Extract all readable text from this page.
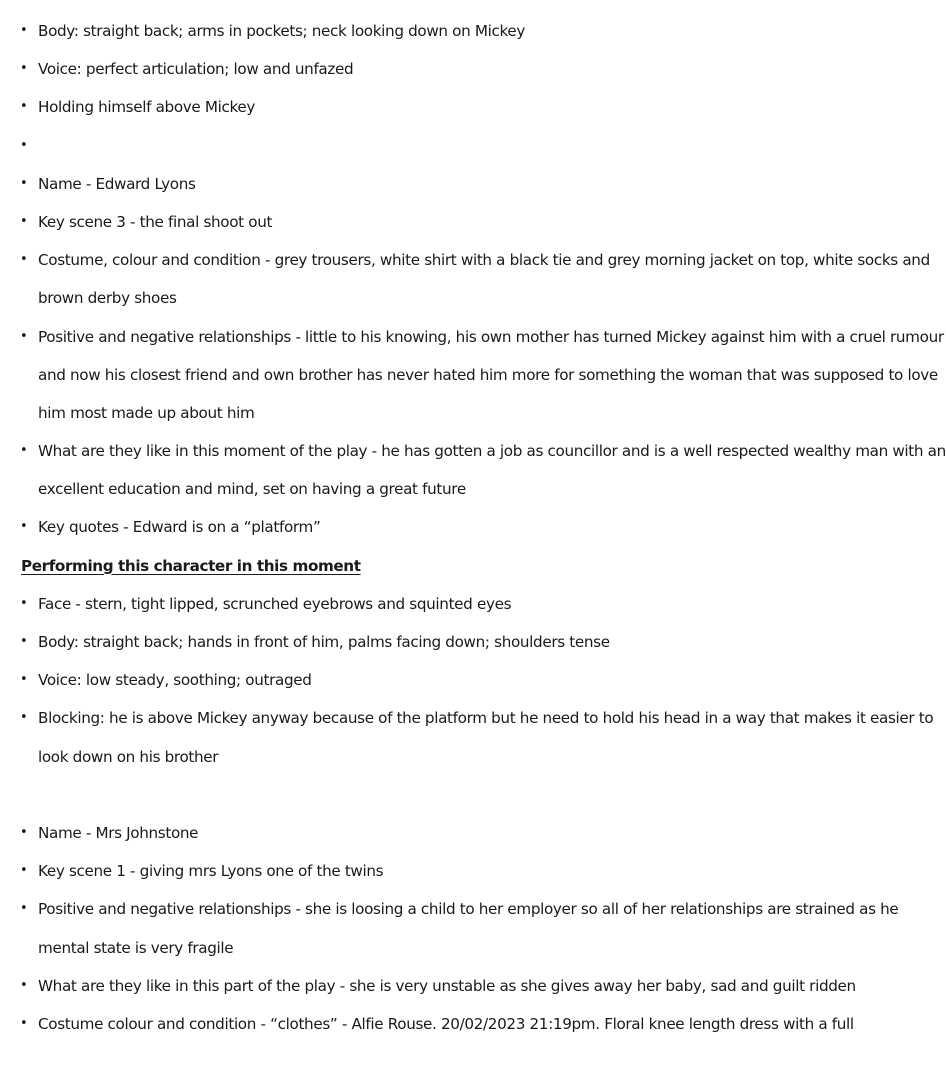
• Body: straight back; arms in pockets; neck looking down on Mickey
• Voice: perfect articulation; low and unfazed
• Holding himself above Mickey
•
• Name - Edward Lyons
• Key scene 3 - the final shoot out
• Costume, colour and condition - grey trousers, white shirt with a black tie and grey morning jacket on top, white socks and
brown derby shoes
• Positive and negative relationships - little to his knowing, his own mother has turned Mickey against him with a cruel rumour
and now his closest friend and own brother has never hated him more for something the woman that was supposed to love
him most made up about him
• What are they like in this moment of the play - he has gotten a job as councillor and is a well respected wealthy man with an
excellent education and mind, set on having a great future
• Key quotes - Edward is on a “platform”
Performing this character in this moment
• Face - stern, tight lipped, scrunched eyebrows and squinted eyes
• Body: straight back; hands in front of him, palms facing down; shoulders tense
• Voice: low steady, soothing; outraged
• Blocking: he is above Mickey anyway because of the platform but he need to hold his head in a way that makes it easier to
look down on his brother
• Name - Mrs Johnstone
• Key scene 1 - giving mrs Lyons one of the twins
• Positive and negative relationships - she is loosing a child to her employer so all of her relationships are strained as he
mental state is very fragile
• What are they like in this part of the play - she is very unstable as she gives away her baby, sad and guilt ridden
• Costume colour and condition - “clothes” - Alfie Rouse. 20/02/2023 21:19pm. Floral knee length dress with a full
